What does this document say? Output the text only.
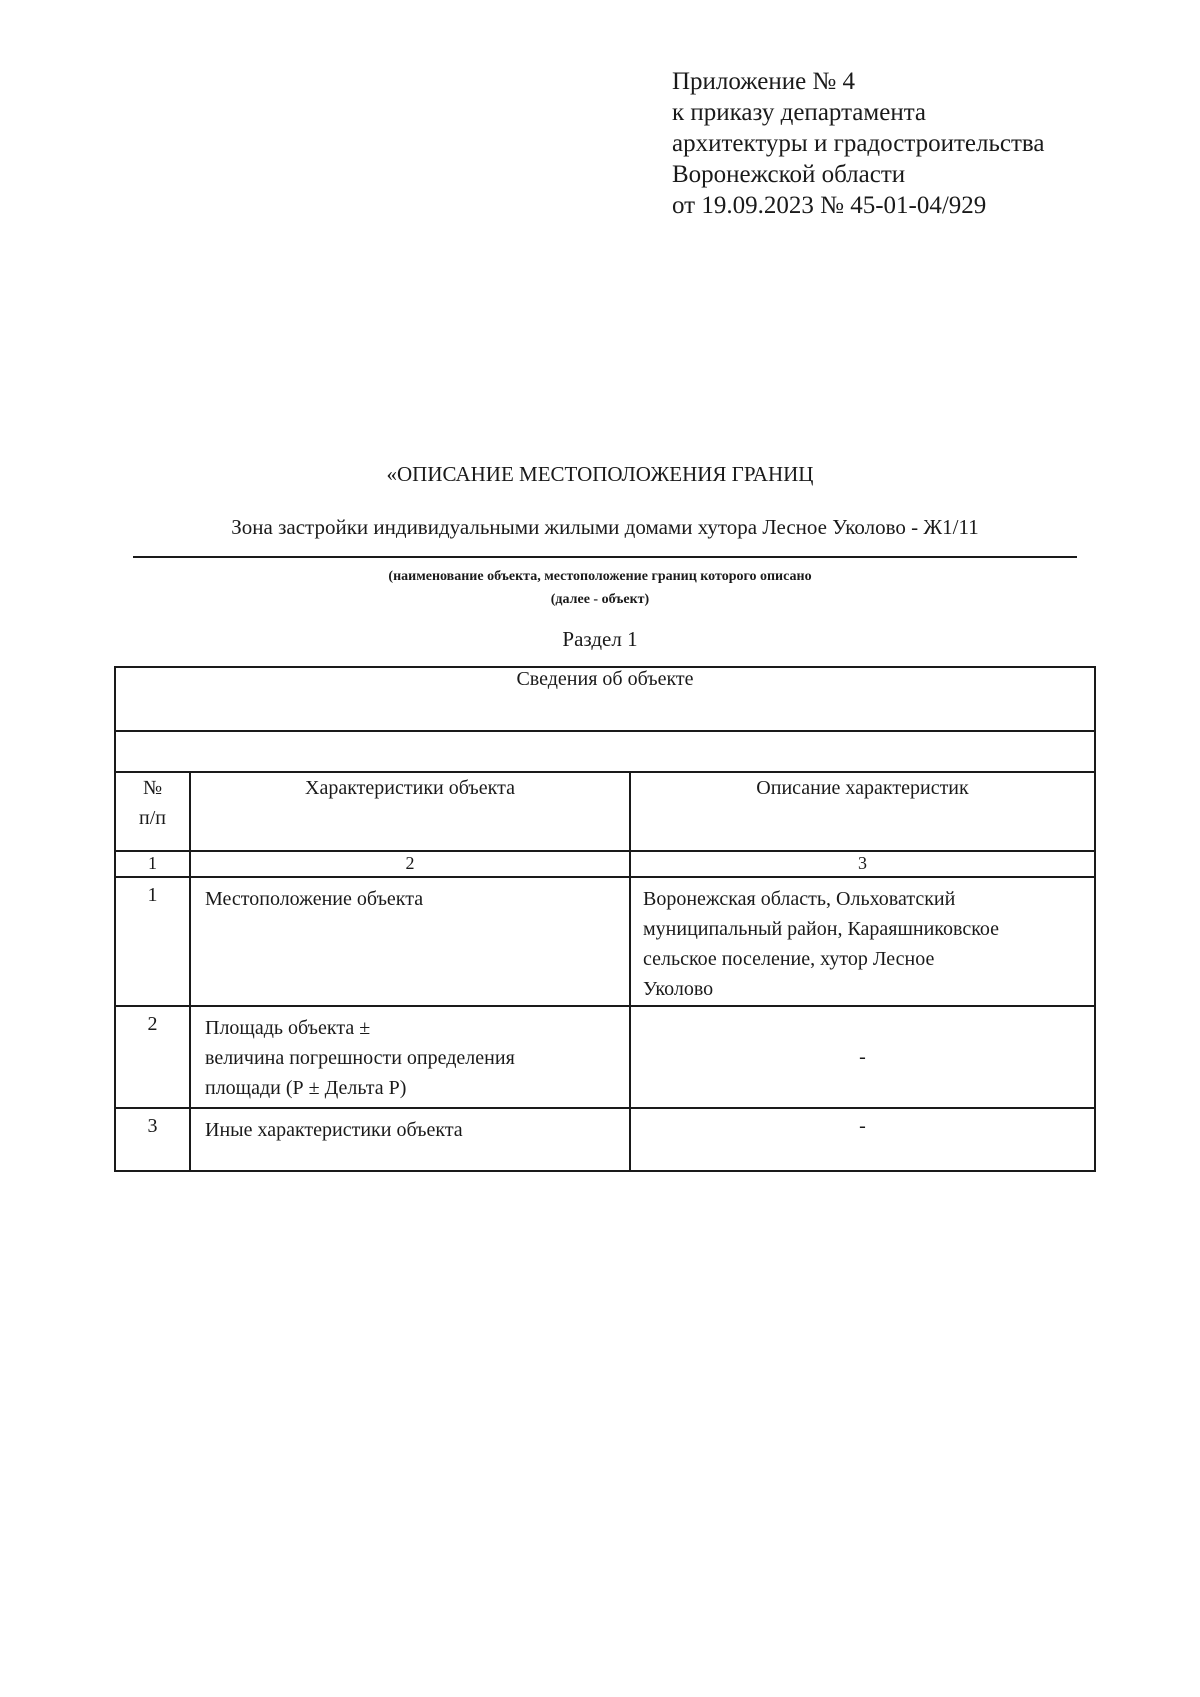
Приложение № 4
к приказу департамента
архитектуры и градостроительства
Воронежской области
от 19.09.2023 № 45-01-04/929
«ОПИСАНИЕ МЕСТОПОЛОЖЕНИЯ ГРАНИЦ
Зона застройки индивидуальными жилыми домами хутора Лесное Уколово - Ж1/11
(наименование объекта, местоположение границ которого описано
(далее - объект)
Раздел 1
Сведения об объекте		

№
п/п	Характеристики объекта	Описание характеристик
1	2	3
1	Местоположение объекта	Воронежская область, Ольховатский
муниципальный район, Караяшниковское
сельское поселение, хутор Лесное
Уколово

2	Площадь объекта ±
величина погрешности определения
площади (Р ± Дельта Р)	-
3	Иные характеристики объекта	-
